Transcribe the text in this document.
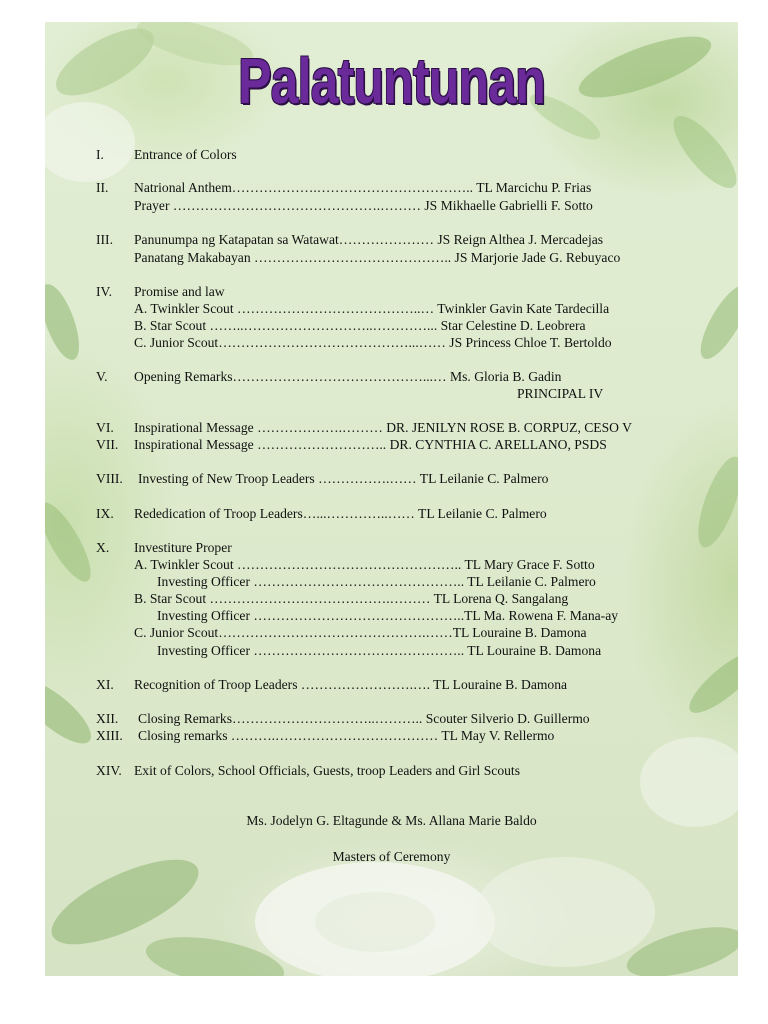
Palatuntunan
I. Entrance of Colors
II. Natrional Anthem……………….…………………………….. TL Marcichu P. Frias
Prayer ……………………………………….……… JS Mikhaelle Gabrielli F. Sotto
III. Panunumpa ng Katapatan sa Watawat………………… JS Reign Althea J. Mercadejas
Panatang Makabayan …………………………………….. JS Marjorie Jade G. Rebuyaco
IV. Promise and law
A. Twinkler Scout …………………………………..… Twinkler Gavin Kate Tardecilla
B. Star Scout ……..………………………..…………... Star Celestine D. Leobrera
C. Junior Scout……………………………………...…… JS Princess Chloe T. Bertoldo
V. Opening Remarks……………………………………...… Ms. Gloria B. Gadin
PRINCIPAL IV
VI. Inspirational Message ……………….……… DR. JENILYN ROSE B. CORPUZ, CESO V
VII. Inspirational Message ……………………….. DR. CYNTHIA C. ARELLANO, PSDS
VIII. Investing of New Troop Leaders …………….…… TL Leilanie C. Palmero
IX. Rededication of Troop Leaders…...…………..…… TL Leilanie C. Palmero
X. Investiture Proper
A. Twinkler Scout ………………………………………….. TL Mary Grace F. Sotto
Investing Officer ……………………………………….. TL Leilanie C. Palmero
B. Star Scout ………………………………….……… TL Lorena Q. Sangalang
Investing Officer ………………………………………..TL Ma. Rowena F. Mana-ay
C. Junior Scout……………………………………….……TL Louraine B. Damona
Investing Officer ……………………………………….. TL Louraine B. Damona
XI. Recognition of Troop Leaders …………………….…. TL Louraine B. Damona
XII. Closing Remarks…………………………..……….. Scouter Silverio D. Guillermo
XIII. Closing remarks ……….……………………………… TL May V. Rellermo
XIV. Exit of Colors, School Officials, Guests, troop Leaders and Girl Scouts
Ms. Jodelyn G. Eltagunde & Ms. Allana Marie Baldo
Masters of Ceremony
